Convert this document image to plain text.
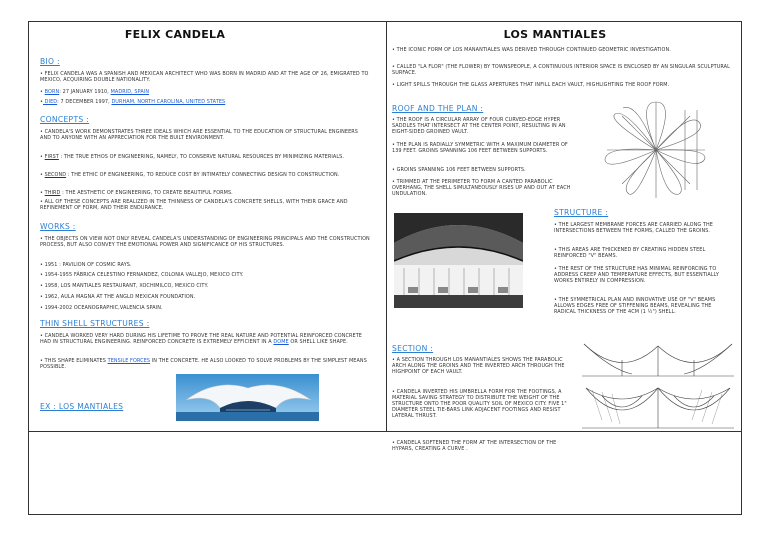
FELIX CANDELA
BIO :
• FELIX CANDELA WAS A SPANISH AND MEXICAN ARCHITECT WHO WAS BORN IN MADRID AND AT THE AGE OF 26, EMIGRATED TO MEXICO, ACQUIRING DOUBLE NATIONALITY.
• BORN: 27 JANUARY 1910, MADRID, SPAIN
• DIED: 7 DECEMBER 1997, DURHAM, NORTH CAROLINA, UNITED STATES
CONCEPTS :
• CANDELA'S WORK DEMONSTRATES THREE IDEALS WHICH ARE ESSENTIAL TO THE EDUCATION OF STRUCTURAL ENGINEERS AND TO ANYONE WITH AN APPRECIATION FOR THE BUILT ENVIRONMENT.
• FIRST : THE TRUE ETHOS OF ENGINEERING, NAMELY, TO CONSERVE NATURAL RESOURCES BY MINIMIZING MATERIALS.
• SECOND : THE ETHIC OF ENGINEERING, TO REDUCE COST BY INTIMATELY CONNECTING DESIGN TO CONSTRUCTION.
• THIRD : THE AESTHETIC OF ENGINEERING, TO CREATE BEAUTIFUL FORMS.
• ALL OF THESE CONCEPTS ARE REALIZED IN THE THINNESS OF CANDELA'S CONCRETE SHELLS, WITH THEIR GRACE AND REFINEMENT OF FORM, AND THEIR ENDURANCE.
WORKS :
• THE OBJECTS ON VIEW NOT ONLY REVEAL CANDELA'S UNDERSTANDING OF ENGINEERING PRINCIPALS AND THE CONSTRUCTION PROCESS, BUT ALSO CONVEY THE EMOTIONAL POWER AND SIGNIFICANCE OF HIS STRUCTURES.
• 1951 : PAVILION OF COSMIC RAYS.
• 1954-1955 FÁBRICA CELESTINO FERNANDEZ, COLONIA VALLEJO, MEXICO CITY.
• 1958, LOS MANTIALES RESTAURANT, XOCHIMILCO, MEXICO CITY.
• 1962, AULA MAGNA AT THE ANGLO MEXICAN FOUNDATION.
• 1994-2002 OCEANOGRAPHIC,VALENCIA SPAIN.
THIN SHELL STRUCTURES :
• CANDELA WORKED VERY HARD DURING HIS LIFETIME TO PROVE THE REAL NATURE AND POTENTIAL REINFORCED CONCRETE HAD IN STRUCTURAL ENGINEERING. REINFORCED CONCRETE IS EXTREMELY EFFICIENT IN A DOME OR SHELL LIKE SHAPE.
• THIS SHAPE ELIMINATES TENSILE FORCES IN THE CONCRETE. HE ALSO LOOKED TO SOLVE PROBLEMS BY THE SIMPLEST MEANS POSSIBLE.
EX : LOS MANTIALES
LOS MANTIALES
• THE ICONIC FORM OF LOS MANANTIALES WAS DERIVED THROUGH CONTINUED GEOMETRIC INVESTIGATION.
• CALLED "LA FLOR" (THE FLOWER) BY TOWNSPEOPLE, A CONTINUOUS INTERIOR SPACE IS ENCLOSED BY AN SINGULAR SCULPTURAL SURFACE.
• LIGHT SPILLS THROUGH THE GLASS APERTURES THAT INFILL EACH VAULT, HIGHLIGHTING THE ROOF FORM.
ROOF AND THE PLAN :
• THE ROOF IS A CIRCULAR ARRAY OF FOUR CURVED-EDGE HYPER SADDLES THAT INTERSECT AT THE CENTER POINT, RESULTING IN AN EIGHT-SIDED GROINED VAULT.
• THE PLAN IS RADIALLY SYMMETRIC WITH A MAXIMUM DIAMETER OF 139 FEET. GROINS SPANNING 106 FEET BETWEEN SUPPORTS.
• GROINS SPANNING 106 FEET BETWEEN SUPPORTS.
• TRIMMED AT THE PERIMETER TO FORM A CANTED PARABOLIC OVERHANG, THE SHELL SIMULTANEOUSLY RISES UP AND OUT AT EACH UNDULATION.
STRUCTURE :
• THE LARGEST MEMBRANE FORCES ARE CARRIED ALONG THE INTERSECTIONS BETWEEN THE FORMS, CALLED THE GROINS.
• THIS AREAS ARE THICKENED BY CREATING HIDDEN STEEL REINFORCED "V" BEAMS.
• THE REST OF THE STRUCTURE HAS MINIMAL REINFORCING TO ADDRESS CREEP AND TEMPERATURE EFFECTS, BUT ESSENTIALLY WORKS ENTIRELY IN COMPRESSION.
• THE SYMMETRICAL PLAN AND INNOVATIVE USE OF "V" BEAMS ALLOWS EDGES FREE OF STIFFENING BEAMS, REVEALING THE RADICAL THICKNESS OF THE 4CM (1 ½") SHELL.
SECTION :
• A SECTION THROUGH LOS MANANTIALES SHOWS THE PARABOLIC ARCH ALONG THE GROINS AND THE INVERTED ARCH THROUGH THE HIGHPOINT OF EACH VAULT.
• CANDELA INVERTED HIS UMBRELLA FORM FOR THE FOOTINGS, A MATERIAL SAVING STRATEGY TO DISTRIBUTE THE WEIGHT OF THE STRUCTURE ONTO THE POOR QUALITY SOIL OF MEXICO CITY. FIVE 1" DIAMETER STEEL TIE-BARS LINK ADJACENT FOOTINGS AND RESIST LATERAL THRUST.
• CANDELA SOFTENED THE FORM AT THE INTERSECTION OF THE HYPARS, CREATING A CURVE .
